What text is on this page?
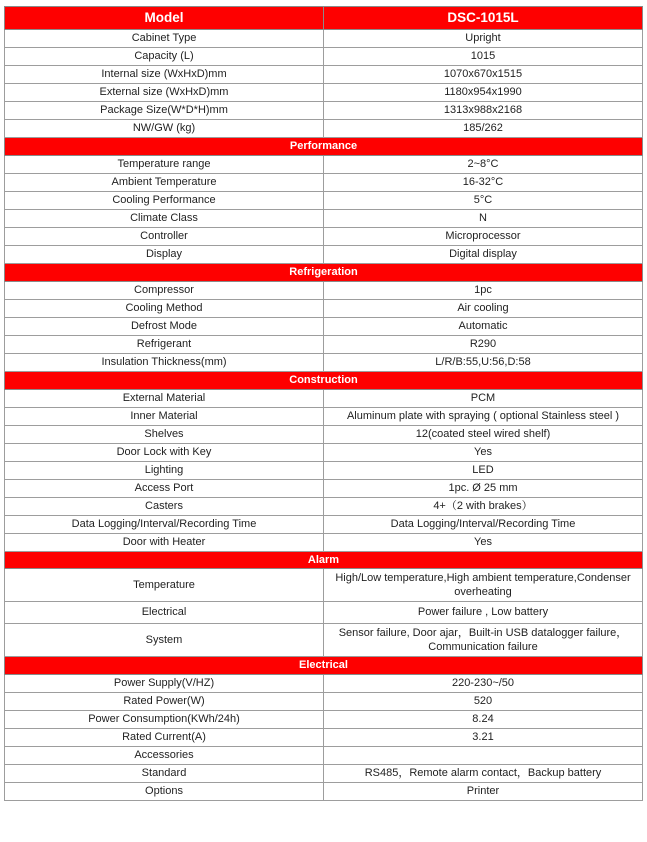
Model	DSC-1015L
Cabinet Type	Upright
Capacity (L)	1015
Internal size (WxHxD)mm	1070x670x1515
External size (WxHxD)mm	1180x954x1990
Package Size(W*D*H)mm	1313x988x2168
NW/GW (kg)	185/262
Performance	
Temperature range	2~8°C
Ambient Temperature	16-32°C
Cooling Performance	5°C
Climate Class	N
Controller	Microprocessor
Display	Digital display
Refrigeration	
Compressor	1pc
Cooling Method	Air cooling
Defrost Mode	Automatic
Refrigerant	R290
Insulation Thickness(mm)	L/R/B:55,U:56,D:58
Construction	
External Material	PCM
Inner Material	Aluminum plate with spraying ( optional Stainless steel )
Shelves	12(coated steel wired shelf)
Door Lock with Key	Yes
Lighting	LED
Access Port	1pc. Ø 25 mm
Casters	4+（2 with brakes）
Data Logging/Interval/Recording Time	Data Logging/Interval/Recording Time
Door with Heater	Yes
Alarm	
Temperature	High/Low temperature,High ambient temperature,Condenser overheating
Electrical	Power failure , Low battery
System	Sensor failure, Door ajar，Built-in USB datalogger failure，Communication failure
Electrical	
Power Supply(V/HZ)	220-230~/50
Rated Power(W)	520
Power Consumption(KWh/24h)	8.24
Rated Current(A)	3.21
Accessories	
Standard	RS485，Remote alarm contact，Backup battery
Options	Printer
